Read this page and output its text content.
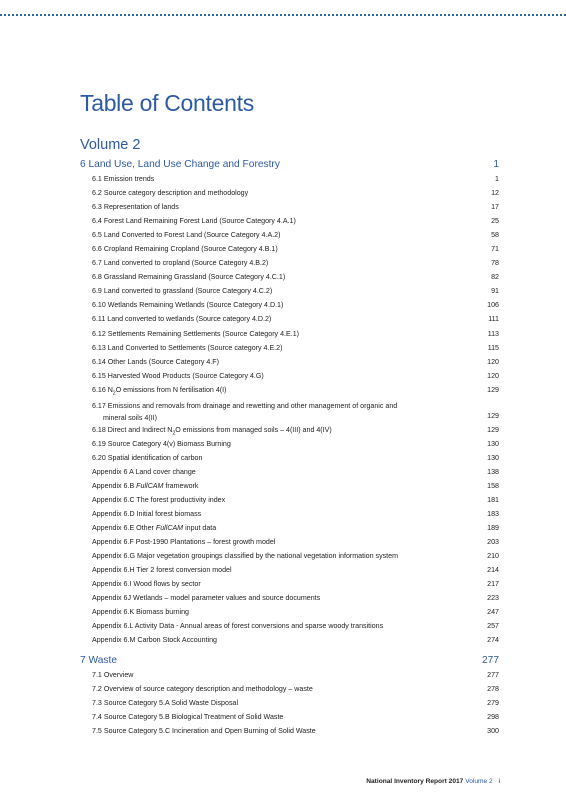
Table of Contents
Volume 2
6 Land Use, Land Use Change and Forestry	1
6.1 Emission trends	1
6.2 Source category description and methodology	12
6.3 Representation of lands	17
6.4 Forest Land Remaining Forest Land (Source Category 4.A.1)	25
6.5 Land Converted to Forest Land (Source Category 4.A.2)	58
6.6 Cropland Remaining Cropland (Source Category 4.B.1)	71
6.7 Land converted to cropland (Source Category 4.B.2)	78
6.8 Grassland Remaining Grassland (Source Category 4.C.1)	82
6.9 Land converted to grassland (Source Category 4.C.2)	91
6.10 Wetlands Remaining Wetlands (Source Category 4.D.1)	106
6.11 Land converted to wetlands (Source category 4.D.2)	111
6.12 Settlements Remaining Settlements (Source Category 4.E.1)	113
6.13 Land Converted to Settlements (Source category 4.E.2)	115
6.14 Other Lands (Source Category 4.F)	120
6.15 Harvested Wood Products (Source Category 4.G)	120
6.16 $N_2O$ emissions from N fertilisation 4(I)	129
6.17 Emissions and removals from drainage and rewetting and other management of organic and
mineral soils 4(II)	129
6.18 Direct and Indirect $N_2O$ emissions from managed soils – 4(III) and 4(IV)	129
6.19 Source Category 4(v) Biomass Burning	130
6.20 Spatial identification of carbon	130
Appendix 6 A Land cover change	138
Appendix 6.B FullCAM framework	158
Appendix 6.C The forest productivity index	181
Appendix 6.D Initial forest biomass	183
Appendix 6.E Other FullCAM input data	189
Appendix 6.F Post-1990 Plantations – forest growth model	203
Appendix 6.G Major vegetation groupings classified by the national vegetation information system	210
Appendix 6.H Tier 2 forest conversion model	214
Appendix 6.I Wood flows by sector	217
Appendix 6J Wetlands – model parameter values and source documents	223
Appendix 6.K Biomass burning	247
Appendix 6.L Activity Data - Annual areas of forest conversions and sparse woody transitions	257
Appendix 6.M Carbon Stock Accounting	274
7 Waste	277
7.1 Overview	277
7.2 Overview of source category description and methodology – waste	278
7.3 Source Category 5.A Solid Waste Disposal	279
7.4 Source Category 5.B Biological Treatment of Solid Waste	298
7.5 Source Category 5.C Incineration and Open Burning of Solid Waste	300
National Inventory Report 2017 Volume 2 i
